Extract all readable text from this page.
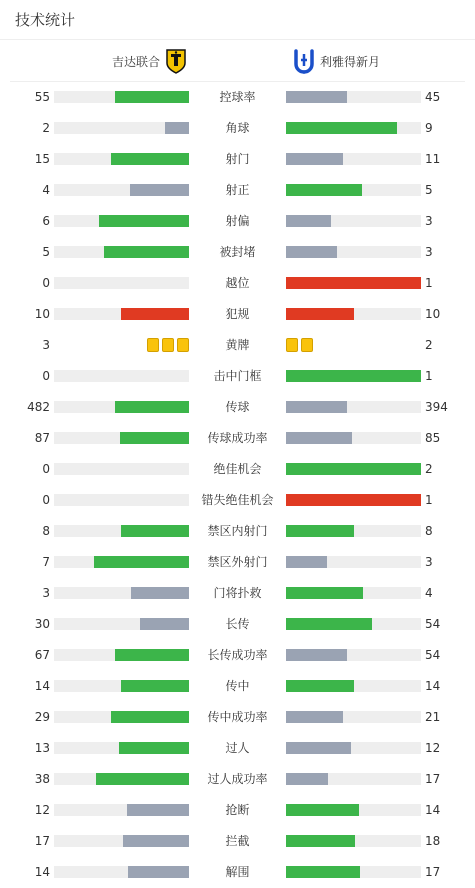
技术统计
吉达联合	利雅得新月
55	控球率	45
2	角球	9
15	射门	11
4	射正	5
6	射偏	3
5	被封堵	3
0	越位	1
10	犯规	10
3	黄牌	2
0	击中门框	1
482	传球	394
87	传球成功率	85
0	绝佳机会	2
0	错失绝佳机会	1
8	禁区内射门	8
7	禁区外射门	3
3	门将扑救	4
30	长传	54
67	长传成功率	54
14	传中	14
29	传中成功率	21
13	过人	12
38	过人成功率	17
12	抢断	14
17	拦截	18
14	解围	17
